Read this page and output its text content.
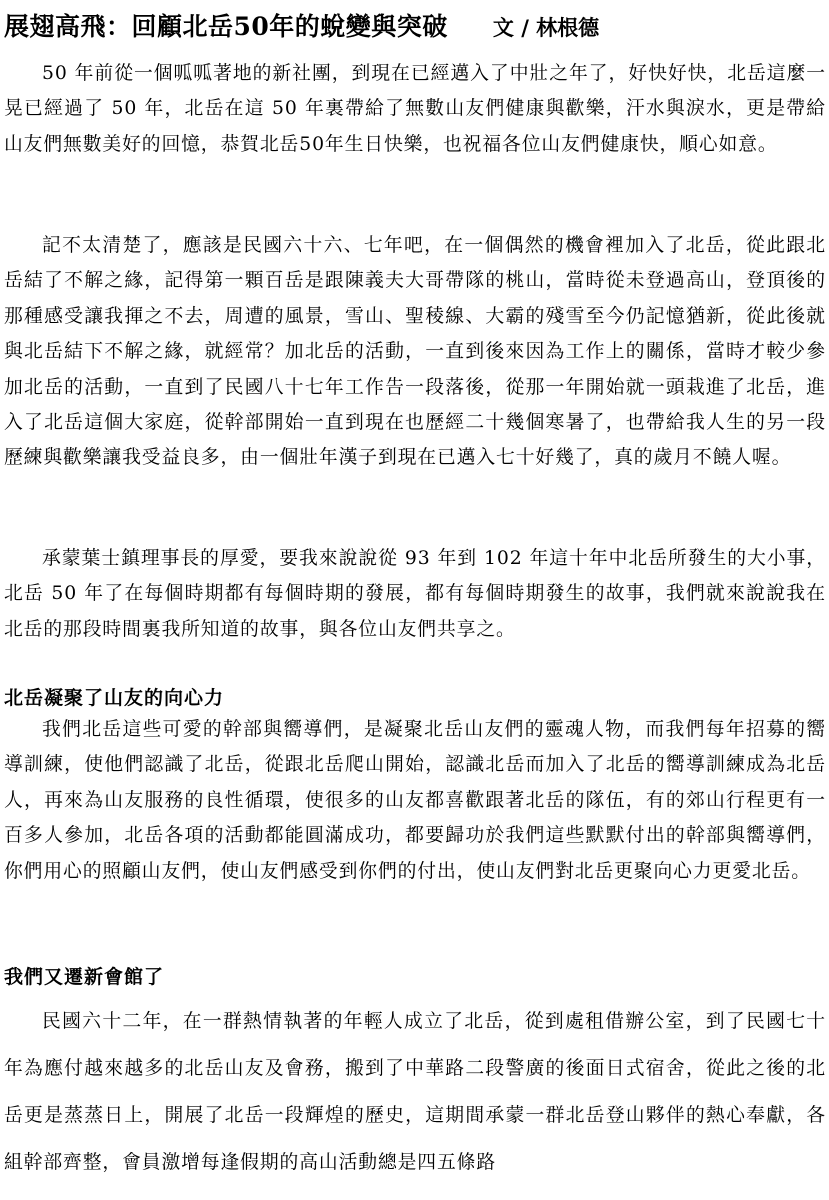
展翅高飛：回顧北岳50年的蛻變與突破 文 / 林根德

50 年前從一個呱呱著地的新社團，到現在已經邁入了中壯之年了，好快好快，北岳這麼一晃已經過了 50 年，北岳在這 50 年裏帶給了無數山友們健康與歡樂，汗水與淚水，更是帶給山友們無數美好的回憶，恭賀北岳50年生日快樂，也祝福各位山友們健康快，順心如意。

記不太清楚了，應該是民國六十六、七年吧，在一個偶然的機會裡加入了北岳，從此跟北岳結了不解之緣，記得第一顆百岳是跟陳義夫大哥帶隊的桃山，當時從未登過高山，登頂後的那種感受讓我揮之不去，周遭的風景，雪山、聖稜線、大霸的殘雪至今仍記憶猶新，從此後就與北岳結下不解之緣，就經常？加北岳的活動，一直到後來因為工作上的關係，當時才較少參加北岳的活動，一直到了民國八十七年工作告一段落後，從那一年開始就一頭栽進了北岳，進入了北岳這個大家庭，從幹部開始一直到現在也歷經二十幾個寒暑了，也帶給我人生的另一段歷練與歡樂讓我受益良多，由一個壯年漢子到現在已邁入七十好幾了，真的歲月不饒人喔。

承蒙葉士鎮理事長的厚愛，要我來說說從 93 年到 102 年這十年中北岳所發生的大小事，北岳 50 年了在每個時期都有每個時期的發展，都有每個時期發生的故事，我們就來說說我在北岳的那段時間裏我所知道的故事，與各位山友們共享之。

北岳凝聚了山友的向心力

我們北岳這些可愛的幹部與嚮導們，是凝聚北岳山友們的靈魂人物，而我們每年招募的嚮導訓練，使他們認識了北岳，從跟北岳爬山開始，認識北岳而加入了北岳的嚮導訓練成為北岳人，再來為山友服務的良性循環，使很多的山友都喜歡跟著北岳的隊伍，有的郊山行程更有一百多人參加，北岳各項的活動都能圓滿成功，都要歸功於我們這些默默付出的幹部與嚮導們，你們用心的照顧山友們，使山友們感受到你們的付出，使山友們對北岳更聚向心力更愛北岳。

我們又遷新會館了

民國六十二年，在一群熱情執著的年輕人成立了北岳，從到處租借辦公室，到了民國七十年為應付越來越多的北岳山友及會務，搬到了中華路二段警廣的後面日式宿舍，從此之後的北岳更是蒸蒸日上，開展了北岳一段輝煌的歷史，這期間承蒙一群北岳登山夥伴的熱心奉獻，各組幹部齊整，會員激增每逢假期的高山活動總是四五條路
